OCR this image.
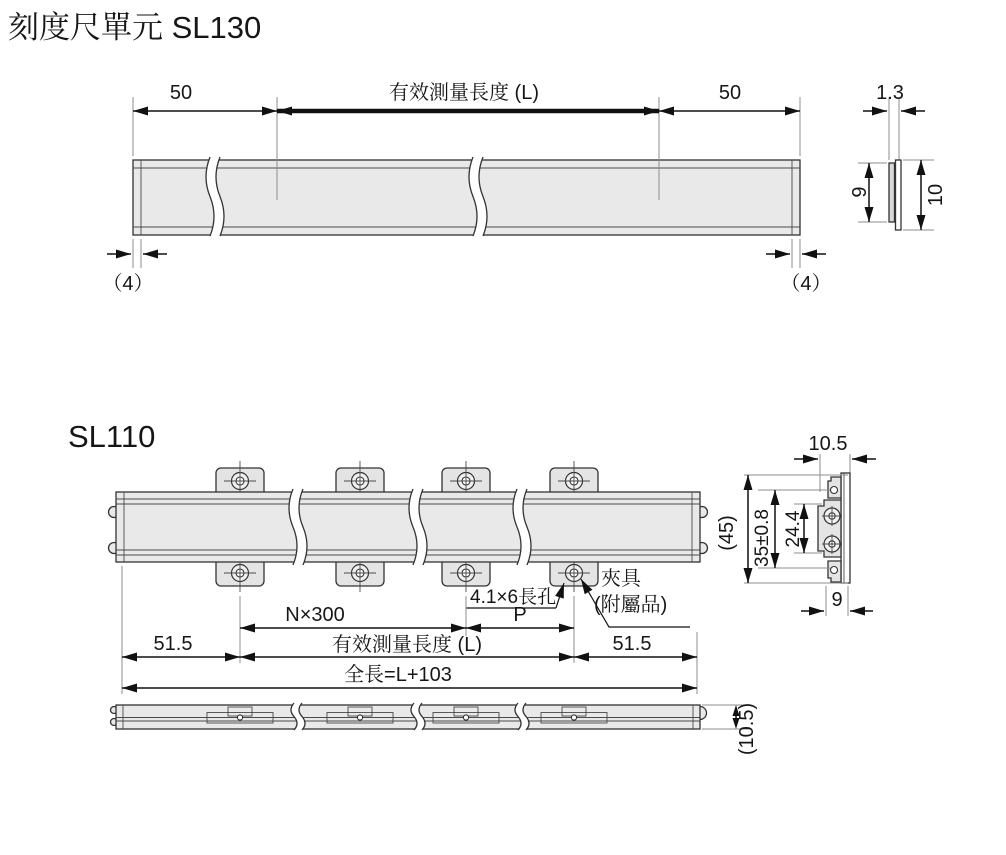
刻度尺單元 SL130
50	有效測量長度 (L)	50
（4）	（4）
1.3
9	10
SL110
4.1×6長孔
夾具
(附屬品)
N×300	P
51.5	有效測量長度 (L)	51.5
全長=L+103
(10.5)
10.5
(45) 35±0.8 24.4
9
